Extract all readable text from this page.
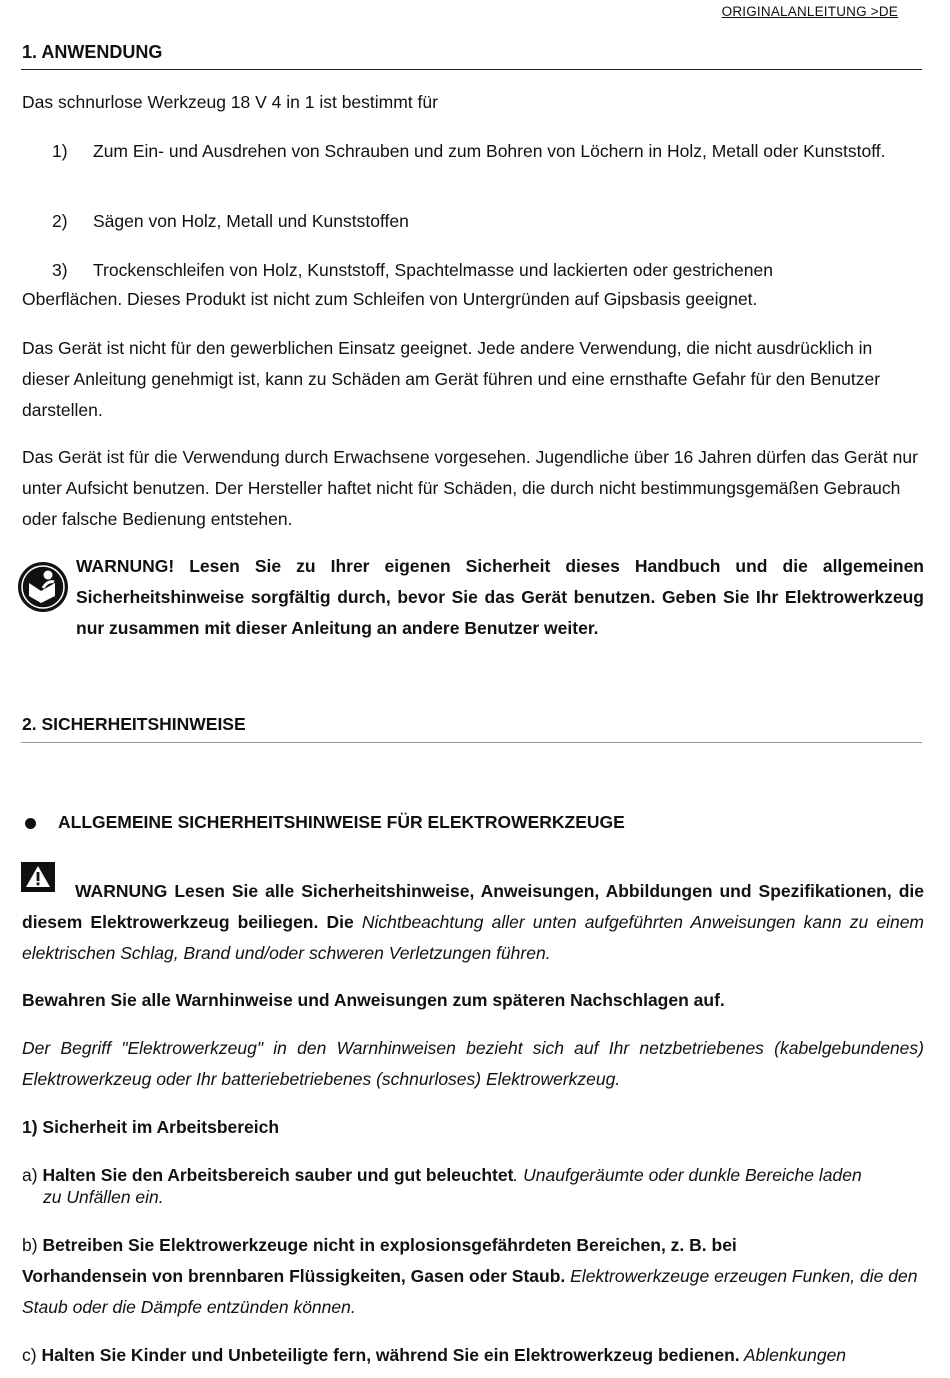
ORIGINALANLEITUNG >DE
1. ANWENDUNG
Das schnurlose Werkzeug 18 V 4 in 1 ist bestimmt für
1) Zum Ein- und Ausdrehen von Schrauben und zum Bohren von Löchern in Holz, Metall oder Kunststoff.
2) Sägen von Holz, Metall und Kunststoffen
3) Trockenschleifen von Holz, Kunststoff, Spachtelmasse und lackierten oder gestrichenen
Oberflächen. Dieses Produkt ist nicht zum Schleifen von Untergründen auf Gipsbasis geeignet.
Das Gerät ist nicht für den gewerblichen Einsatz geeignet. Jede andere Verwendung, die nicht ausdrücklich in dieser Anleitung genehmigt ist, kann zu Schäden am Gerät führen und eine ernsthafte Gefahr für den Benutzer darstellen.
Das Gerät ist für die Verwendung durch Erwachsene vorgesehen. Jugendliche über 16 Jahren dürfen das Gerät nur unter Aufsicht benutzen. Der Hersteller haftet nicht für Schäden, die durch nicht bestimmungsgemäßen Gebrauch oder falsche Bedienung entstehen.
WARNUNG! Lesen Sie zu Ihrer eigenen Sicherheit dieses Handbuch und die allgemeinen Sicherheitshinweise sorgfältig durch, bevor Sie das Gerät benutzen. Geben Sie Ihr Elektrowerkzeug nur zusammen mit dieser Anleitung an andere Benutzer weiter.
2. SICHERHEITSHINWEISE
ALLGEMEINE SICHERHEITSHINWEISE FÜR ELEKTROWERKZEUGE
WARNUNG Lesen Sie alle Sicherheitshinweise, Anweisungen, Abbildungen und Spezifikationen, die diesem Elektrowerkzeug beiliegen. Die Nichtbeachtung aller unten aufgeführten Anweisungen kann zu einem elektrischen Schlag, Brand und/oder schweren Verletzungen führen.
Bewahren Sie alle Warnhinweise und Anweisungen zum späteren Nachschlagen auf.
Der Begriff "Elektrowerkzeug" in den Warnhinweisen bezieht sich auf Ihr netzbetriebenes (kabelgebundenes) Elektrowerkzeug oder Ihr batteriebetriebenes (schnurloses) Elektrowerkzeug.
1) Sicherheit im Arbeitsbereich
a) Halten Sie den Arbeitsbereich sauber und gut beleuchtet. Unaufgeräumte oder dunkle Bereiche laden
zu Unfällen ein.
b) Betreiben Sie Elektrowerkzeuge nicht in explosionsgefährdeten Bereichen, z. B. bei
Vorhandensein von brennbaren Flüssigkeiten, Gasen oder Staub. Elektrowerkzeuge erzeugen Funken, die den Staub oder die Dämpfe entzünden können.
c) Halten Sie Kinder und Unbeteiligte fern, während Sie ein Elektrowerkzeug bedienen. Ablenkungen
